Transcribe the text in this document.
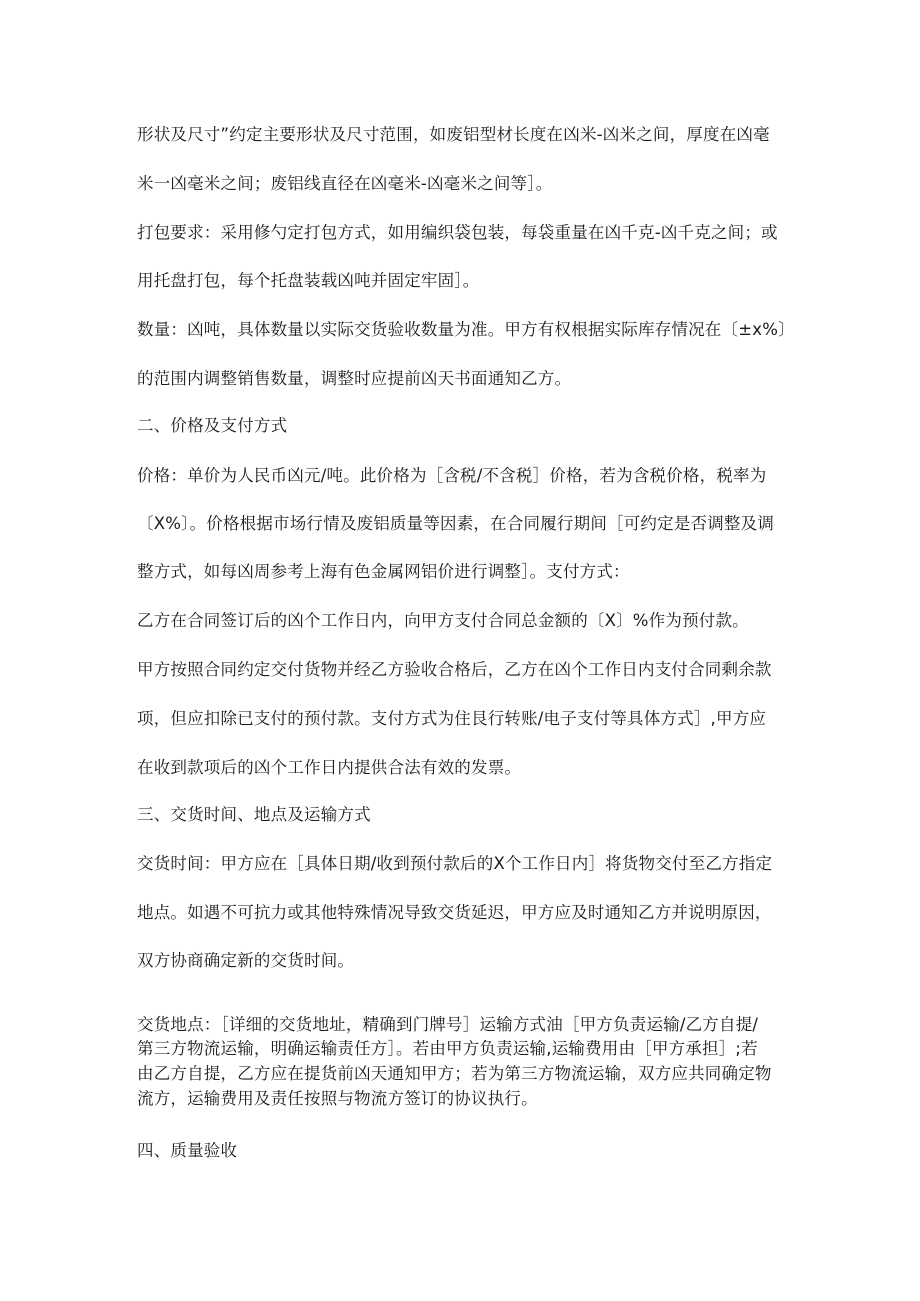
形状及尺寸”约定主要形状及尺寸范围，如废铝型材长度在凶米-凶米之间，厚度在凶毫
米一凶毫米之间；废铝线直径在凶毫米-凶毫米之间等］。
打包要求：采用修勺定打包方式，如用编织袋包装，每袋重量在凶千克-凶千克之间；或
用托盘打包，每个托盘装载凶吨并固定牢固］。
数量：凶吨，具体数量以实际交货验收数量为准。甲方有权根据实际库存情况在〔±x%〕
的范围内调整销售数量，调整时应提前凶天书面通知乙方。
二、价格及支付方式
价格：单价为人民币凶元/吨。此价格为［含税/不含税］价格，若为含税价格，税率为
〔X%〕。价格根据市场行情及废铝质量等因素，在合同履行期间［可约定是否调整及调
整方式，如每凶周参考上海有色金属网铝价进行调整］。支付方式：
乙方在合同签订后的凶个工作日内，向甲方支付合同总金额的〔X〕%作为预付款。
甲方按照合同约定交付货物并经乙方验收合格后，乙方在凶个工作日内支付合同剩余款
项，但应扣除已支付的预付款。支付方式为住艮行转账/电子支付等具体方式］,甲方应
在收到款项后的凶个工作日内提供合法有效的发票。
三、交货时间、地点及运输方式
交货时间：甲方应在［具体日期/收到预付款后的X个工作日内］将货物交付至乙方指定
地点。如遇不可抗力或其他特殊情况导致交货延迟，甲方应及时通知乙方并说明原因，
双方协商确定新的交货时间。
交货地点：［详细的交货地址，精确到门牌号］运输方式油［甲方负责运输/乙方自提/
第三方物流运输，明确运输责任方］。若由甲方负责运输,运输费用由［甲方承担］;若
由乙方自提，乙方应在提货前凶天通知甲方；若为第三方物流运输，双方应共同确定物
流方，运输费用及责任按照与物流方签订的协议执行。
四、质量验收
